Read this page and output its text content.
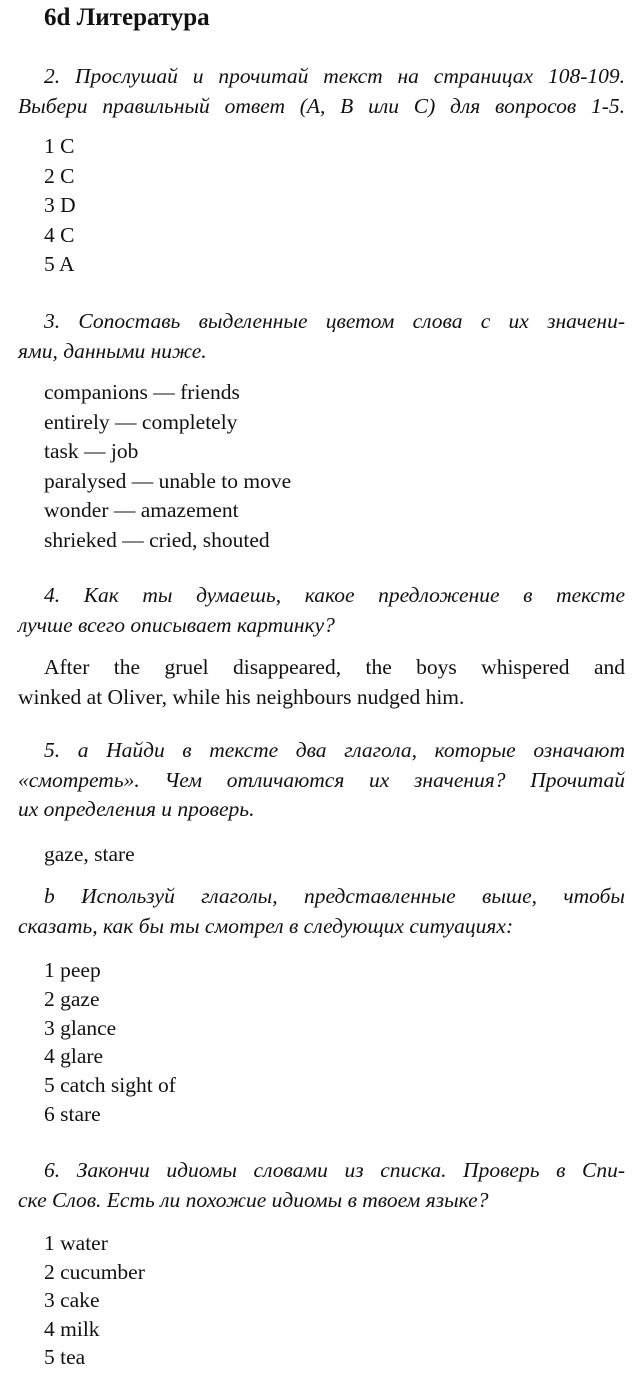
6d Литература
2. Прослушай и прочитай текст на страницах 108-109.
Выбери правильный ответ (А, В или С) для вопросов 1-5.
1 C
2 C
3 D
4 C
5 A
3. Сопоставь выделенные цветом слова с их значени-
ями, данными ниже.
companions — friends
entirely — completely
task — job
paralysed — unable to move
wonder — amazement
shrieked — cried, shouted
4. Как ты думаешь, какое предложение в тексте
лучше всего описывает картинку?
After the gruel disappeared, the boys whispered and
winked at Oliver, while his neighbours nudged him.
5. a Найди в тексте два глагола, которые означают
«смотреть». Чем отличаются их значения? Прочитай
их определения и проверь.
gaze, stare
b Используй глаголы, представленные выше, чтобы
сказать, как бы ты смотрел в следующих ситуациях:
1 peep
2 gaze
3 glance
4 glare
5 catch sight of
6 stare
6. Закончи идиомы словами из списка. Проверь в Спи-
ске Слов. Есть ли похожие идиомы в твоем языке?
1 water
2 cucumber
3 cake
4 milk
5 tea
